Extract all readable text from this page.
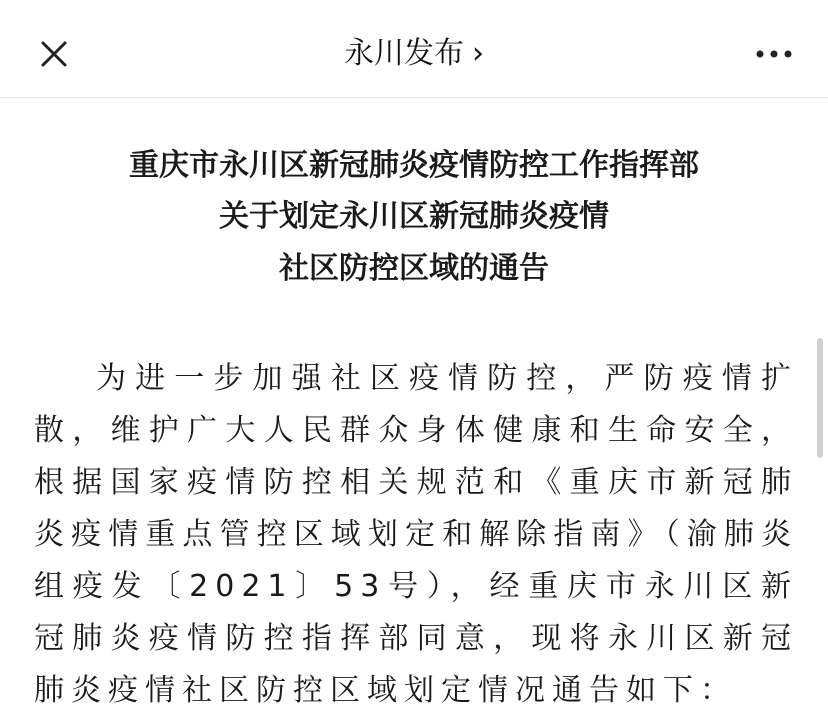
永川发布 ›
重庆市永川区新冠肺炎疫情防控工作指挥部
关于划定永川区新冠肺炎疫情
社区防控区域的通告
为进一步加强社区疫情防控，严防疫情扩散，维护广大人民群众身体健康和生命安全，根据国家疫情防控相关规范和《重庆市新冠肺炎疫情重点管控区域划定和解除指南》（渝肺炎组疫发〔2021〕53号），经重庆市永川区新冠肺炎疫情防控指挥部同意，现将永川区新冠肺炎疫情社区防控区域划定情况通告如下：
